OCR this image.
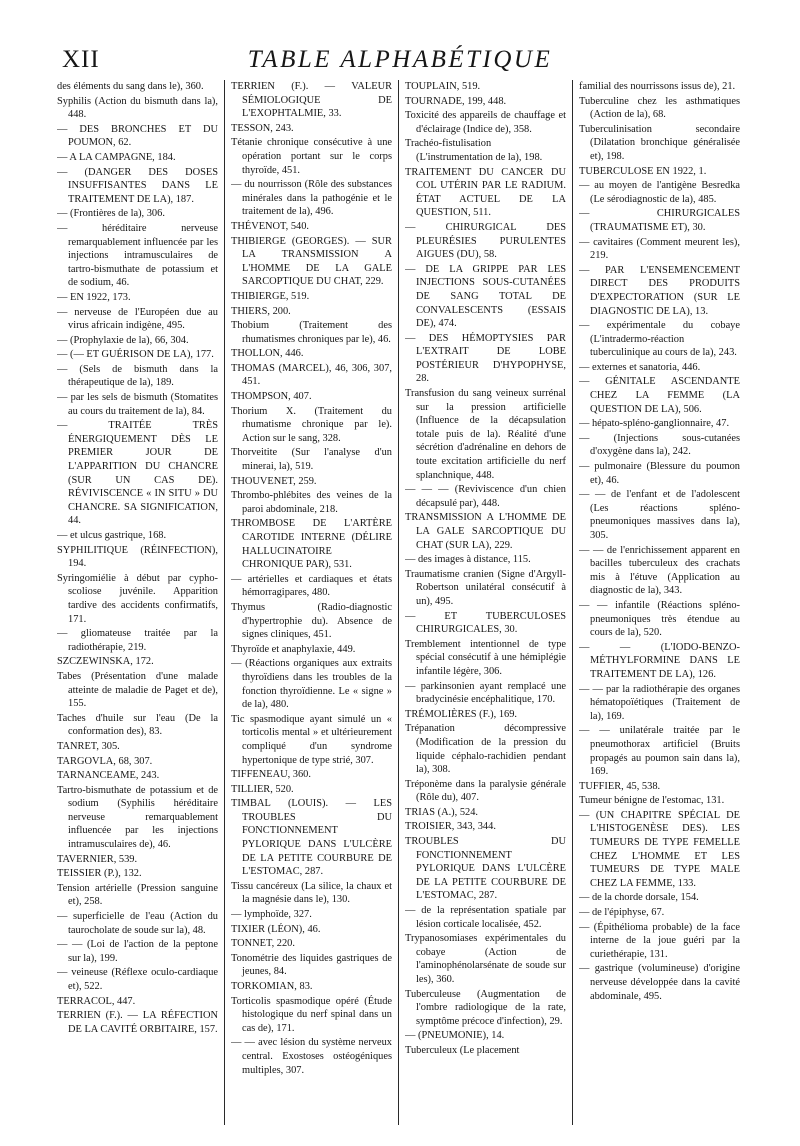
XII	TABLE ALPHABÉTIQUE
des éléments du sang dans le), 360.
Syphilis (Action du bismuth dans la), 448.
— DES BRONCHES ET DU POUMON, 62.
— A LA CAMPAGNE, 184.
— (DANGER DES DOSES INSUFFISANTES DANS LE TRAITEMENT DE LA), 187.
— (Frontières de la), 306.
— héréditaire nerveuse remarquablement influencée par les injections intramusculaires de tartro-bismuthate de potassium et de sodium, 46.
— EN 1922, 173.
— nerveuse de l'Européen due au virus africain indigène, 495.
— (Prophylaxie de la), 66, 304.
— (— ET GUÉRISON DE LA), 177.
— (Sels de bismuth dans la thérapeutique de la), 189.
— par les sels de bismuth (Stomatites au cours du traitement de la), 84.
— TRAITÉE TRÈS ÉNERGIQUEMENT DÈS LE PREMIER JOUR DE L'APPARITION DU CHANCRE (SUR UN CAS DE). RÉVIVISCENCE « IN SITU » DU CHANCRE. SA SIGNIFICATION, 44.
— et ulcus gastrique, 168.
SYPHILITIQUE (RÉINFECTION), 194.
Syringomiélie à début par cypho-scoliose juvénile. Apparition tardive des accidents confirmatifs, 171.
— gliomateuse traitée par la radiothérapie, 219.
SZCZEWINSKA, 172.
Tabes (Présentation d'une malade atteinte de maladie de Paget et de), 155.
Taches d'huile sur l'eau (De la conformation des), 83.
TANRET, 305.
TARGOVLA, 68, 307.
TARNANCEAME, 243.
Tartro-bismuthate de potassium et de sodium (Syphilis héréditaire nerveuse remarquablement influencée par les injections intramusculaires de), 46.
TAVERNIER, 539.
TEISSIER (P.), 132.
Tension artérielle (Pression sanguine et), 258.
— superficielle de l'eau (Action du taurocholate de soude sur la), 48.
— — (Loi de l'action de la peptone sur la), 199.
— veineuse (Réflexe oculo-cardiaque et), 522.
TERRACOL, 447.
TERRIEN (F.). — LA RÉFECTION DE LA CAVITÉ ORBITAIRE, 157.
TERRIEN (F.). — VALEUR SÉMIOLOGIQUE DE L'EXOPHTALMIE, 33.
TESSON, 243.
Tétanie chronique consécutive à une opération portant sur le corps thyroïde, 451.
— du nourrisson (Rôle des substances minérales dans la pathogénie et le traitement de la), 496.
THÉVENOT, 540.
THIBIERGE (GEORGES). — SUR LA TRANSMISSION A L'HOMME DE LA GALE SARCOPTIQUE DU CHAT, 229.
THIBIERGE, 519.
THIERS, 200.
Thobium (Traitement des rhumatismes chroniques par le), 46.
THOLLON, 446.
THOMAS (MARCEL), 46, 306, 307, 451.
THOMPSON, 407.
Thorium X. (Traitement du rhumatisme chronique par le). Action sur le sang, 328.
Thorveitite (Sur l'analyse d'un minerai, la), 519.
THOUVENET, 259.
Thrombo-phlébites des veines de la paroi abdominale, 218.
THROMBOSE DE L'ARTÈRE CAROTIDE INTERNE (DÉLIRE HALLUCINATOIRE CHRONIQUE PAR), 531.
— artérielles et cardiaques et états hémorragipares, 480.
Thymus (Radio-diagnostic d'hypertrophie du). Absence de signes cliniques, 451.
Thyroïde et anaphylaxie, 449.
— (Réactions organiques aux extraits thyroïdiens dans les troubles de la fonction thyroïdienne. Le « signe » de la), 480.
Tic spasmodique ayant simulé un « torticolis mental » et ultérieurement compliqué d'un syndrome hypertonique de type strié, 307.
TIFFENEAU, 360.
TILLIER, 520.
TIMBAL (LOUIS). — LES TROUBLES DU FONCTIONNEMENT PYLORIQUE DANS L'ULCÈRE DE LA PETITE COURBURE DE L'ESTOMAC, 287.
Tissu cancéreux (La silice, la chaux et la magnésie dans le), 130.
— lymphoïde, 327.
TIXIER (LÉON), 46.
TONNET, 220.
Tonométrie des liquides gastriques de jeunes, 84.
TORKOMIAN, 83.
Torticolis spasmodique opéré (Étude histologique du nerf spinal dans un cas de), 171.
— — avec lésion du système nerveux central. Exostoses ostéogéniques multiples, 307.
TOUPLAIN, 519.
TOURNADE, 199, 448.
Toxicité des appareils de chauffage et d'éclairage (Indice de), 358.
Trachéo-fistulisation (L'instrumentation de la), 198.
TRAITEMENT DU CANCER DU COL UTÉRIN PAR LE RADIUM. ÉTAT ACTUEL DE LA QUESTION, 511.
— CHIRURGICAL DES PLEURÉSIES PURULENTES AIGUES (DU), 58.
— DE LA GRIPPE PAR LES INJECTIONS SOUS-CUTANÉES DE SANG TOTAL DE CONVALESCENTS (ESSAIS DE), 474.
— DES HÉMOPTYSIES PAR L'EXTRAIT DE LOBE POSTÉRIEUR D'HYPOPHYSE, 28.
Transfusion du sang veineux surrénal sur la pression artificielle (Influence de la décapsulation totale puis de la). Réalité d'une sécrétion d'adrénaline en dehors de toute excitation artificielle du nerf splanchnique, 448.
— — — (Reviviscence d'un chien décapsulé par), 448.
TRANSMISSION A L'HOMME DE LA GALE SARCOPTIQUE DU CHAT (SUR LA), 229.
— des images à distance, 115.
Traumatisme cranien (Signe d'Argyll-Robertson unilatéral consécutif à un), 495.
— ET TUBERCULOSES CHIRURGICALES, 30.
Tremblement intentionnel de type spécial consécutif à une hémiplégie infantile légère, 306.
— parkinsonien ayant remplacé une bradycinésie encéphalitique, 170.
TRÉMOLIÈRES (F.), 169.
Trépanation décompressive (Modification de la pression du liquide céphalo-rachidien pendant la), 308.
Tréponème dans la paralysie générale (Rôle du), 407.
TRIAS (A.), 524.
TROISIER, 343, 344.
TROUBLES DU FONCTIONNEMENT PYLORIQUE DANS L'ULCÈRE DE LA PETITE COURBURE DE L'ESTOMAC, 287.
— de la représentation spatiale par lésion corticale localisée, 452.
Trypanosomiases expérimentales du cobaye (Action de l'aminophénolarsénate de soude sur les), 360.
Tuberculeuse (Augmentation de l'ombre radiologique de la rate, symptôme précoce d'infection), 29.
— (PNEUMONIE), 14.
Tuberculeux (Le placement
familial des nourrissons issus de), 21.
Tuberculine chez les asthmatiques (Action de la), 68.
Tuberculinisation secondaire (Dilatation bronchique généralisée et), 198.
TUBERCULOSE EN 1922, 1.
— au moyen de l'antigène Besredka (Le sérodiagnostic de la), 485.
— CHIRURGICALES (TRAUMATISME ET), 30.
— cavitaires (Comment meurent les), 219.
— PAR L'ENSEMENCEMENT DIRECT DES PRODUITS D'EXPECTORATION (SUR LE DIAGNOSTIC DE LA), 13.
— expérimentale du cobaye (L'intradermo-réaction tuberculinique au cours de la), 243.
— externes et sanatoria, 446.
— GÉNITALE ASCENDANTE CHEZ LA FEMME (LA QUESTION DE LA), 506.
— hépato-spléno-ganglionnaire, 47.
— (Injections sous-cutanées d'oxygène dans la), 242.
— pulmonaire (Blessure du poumon et), 46.
— — de l'enfant et de l'adolescent (Les réactions spléno-pneumoniques massives dans la), 305.
— — de l'enrichissement apparent en bacilles tuberculeux des crachats mis à l'étuve (Application au diagnostic de la), 343.
— — infantile (Réactions spléno-pneumoniques très étendue au cours de la), 520.
— — (L'IODO-BENZO-MÉTHYLFORMINE DANS LE TRAITEMENT DE LA), 126.
— — par la radiothérapie des organes hématopoïétiques (Traitement de la), 169.
— — unilatérale traitée par le pneumothorax artificiel (Bruits propagés au poumon sain dans la), 169.
TUFFIER, 45, 538.
Tumeur bénigne de l'estomac, 131.
— (UN CHAPITRE SPÉCIAL DE L'HISTOGENÈSE DES). LES TUMEURS DE TYPE FEMELLE CHEZ L'HOMME ET LES TUMEURS DE TYPE MALE CHEZ LA FEMME, 133.
— de la chorde dorsale, 154.
— de l'épiphyse, 67.
— (Épithélioma probable) de la face interne de la joue guéri par la curiethérapie, 131.
— gastrique (volumineuse) d'origine nerveuse développée dans la cavité abdominale, 495.
